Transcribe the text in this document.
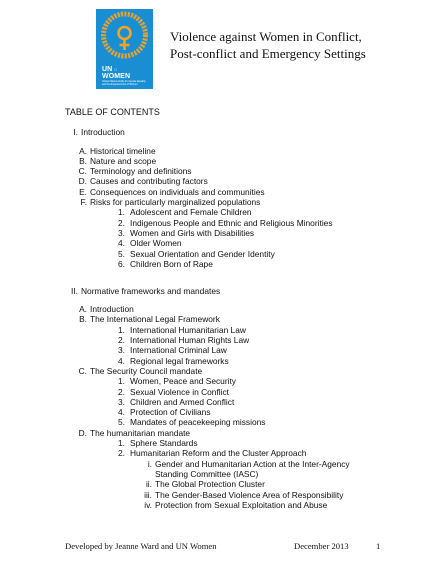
UN □
WOMEN
United Nations Entity for Gender Equality and the Empowerment of Women
Violence against Women in Conflict,
Post-conflict and Emergency Settings
TABLE OF CONTENTS
I. Introduction
A. Historical timeline
B. Nature and scope
C. Terminology and definitions
D. Causes and contributing factors
E. Consequences on individuals and communities
F. Risks for particularly marginalized populations
1. Adolescent and Female Children
2. Indigenous People and Ethnic and Religious Minorities
3. Women and Girls with Disabilities
4. Older Women
5. Sexual Orientation and Gender Identity
6. Children Born of Rape
II. Normative frameworks and mandates
A. Introduction
B. The International Legal Framework
1. International Humanitarian Law
2. International Human Rights Law
3. International Criminal Law
4. Regional legal frameworks
C. The Security Council mandate
1. Women, Peace and Security
2. Sexual Violence in Conflict
3. Children and Armed Conflict
4. Protection of Civilians
5. Mandates of peacekeeping missions
D. The humanitarian mandate
1. Sphere Standards
2. Humanitarian Reform and the Cluster Approach
i. Gender and Humanitarian Action at the Inter-Agency
Standing Committee (IASC)
ii. The Global Protection Cluster
iii. The Gender-Based Violence Area of Responsibility
iv. Protection from Sexual Exploitation and Abuse
Developed by Jeanne Ward and UN Women	December 2013	1
